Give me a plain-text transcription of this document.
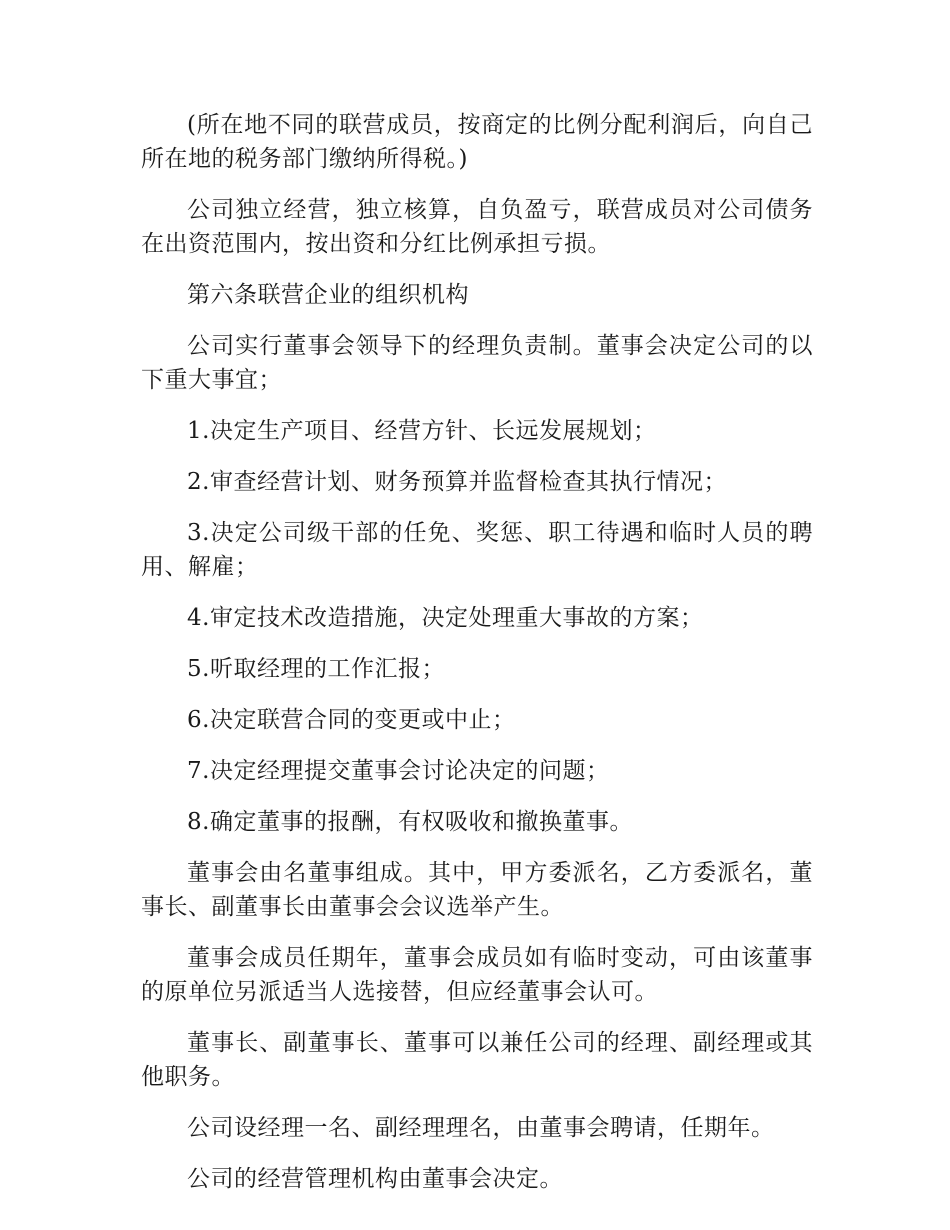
(所在地不同的联营成员，按商定的比例分配利润后，向自己所在地的税务部门缴纳所得税。)

公司独立经营，独立核算，自负盈亏，联营成员对公司债务在出资范围内，按出资和分红比例承担亏损。

第六条联营企业的组织机构

公司实行董事会领导下的经理负责制。董事会决定公司的以下重大事宜；

1.决定生产项目、经营方针、长远发展规划；

2.审查经营计划、财务预算并监督检查其执行情况；

3.决定公司级干部的任免、奖惩、职工待遇和临时人员的聘用、解雇；

4.审定技术改造措施，决定处理重大事故的方案；

5.听取经理的工作汇报；

6.决定联营合同的变更或中止；

7.决定经理提交董事会讨论决定的问题；

8.确定董事的报酬，有权吸收和撤换董事。

董事会由名董事组成。其中，甲方委派名，乙方委派名，董事长、副董事长由董事会会议选举产生。

董事会成员任期年，董事会成员如有临时变动，可由该董事的原单位另派适当人选接替，但应经董事会认可。

董事长、副董事长、董事可以兼任公司的经理、副经理或其他职务。

公司设经理一名、副经理理名，由董事会聘请，任期年。

公司的经营管理机构由董事会决定。
